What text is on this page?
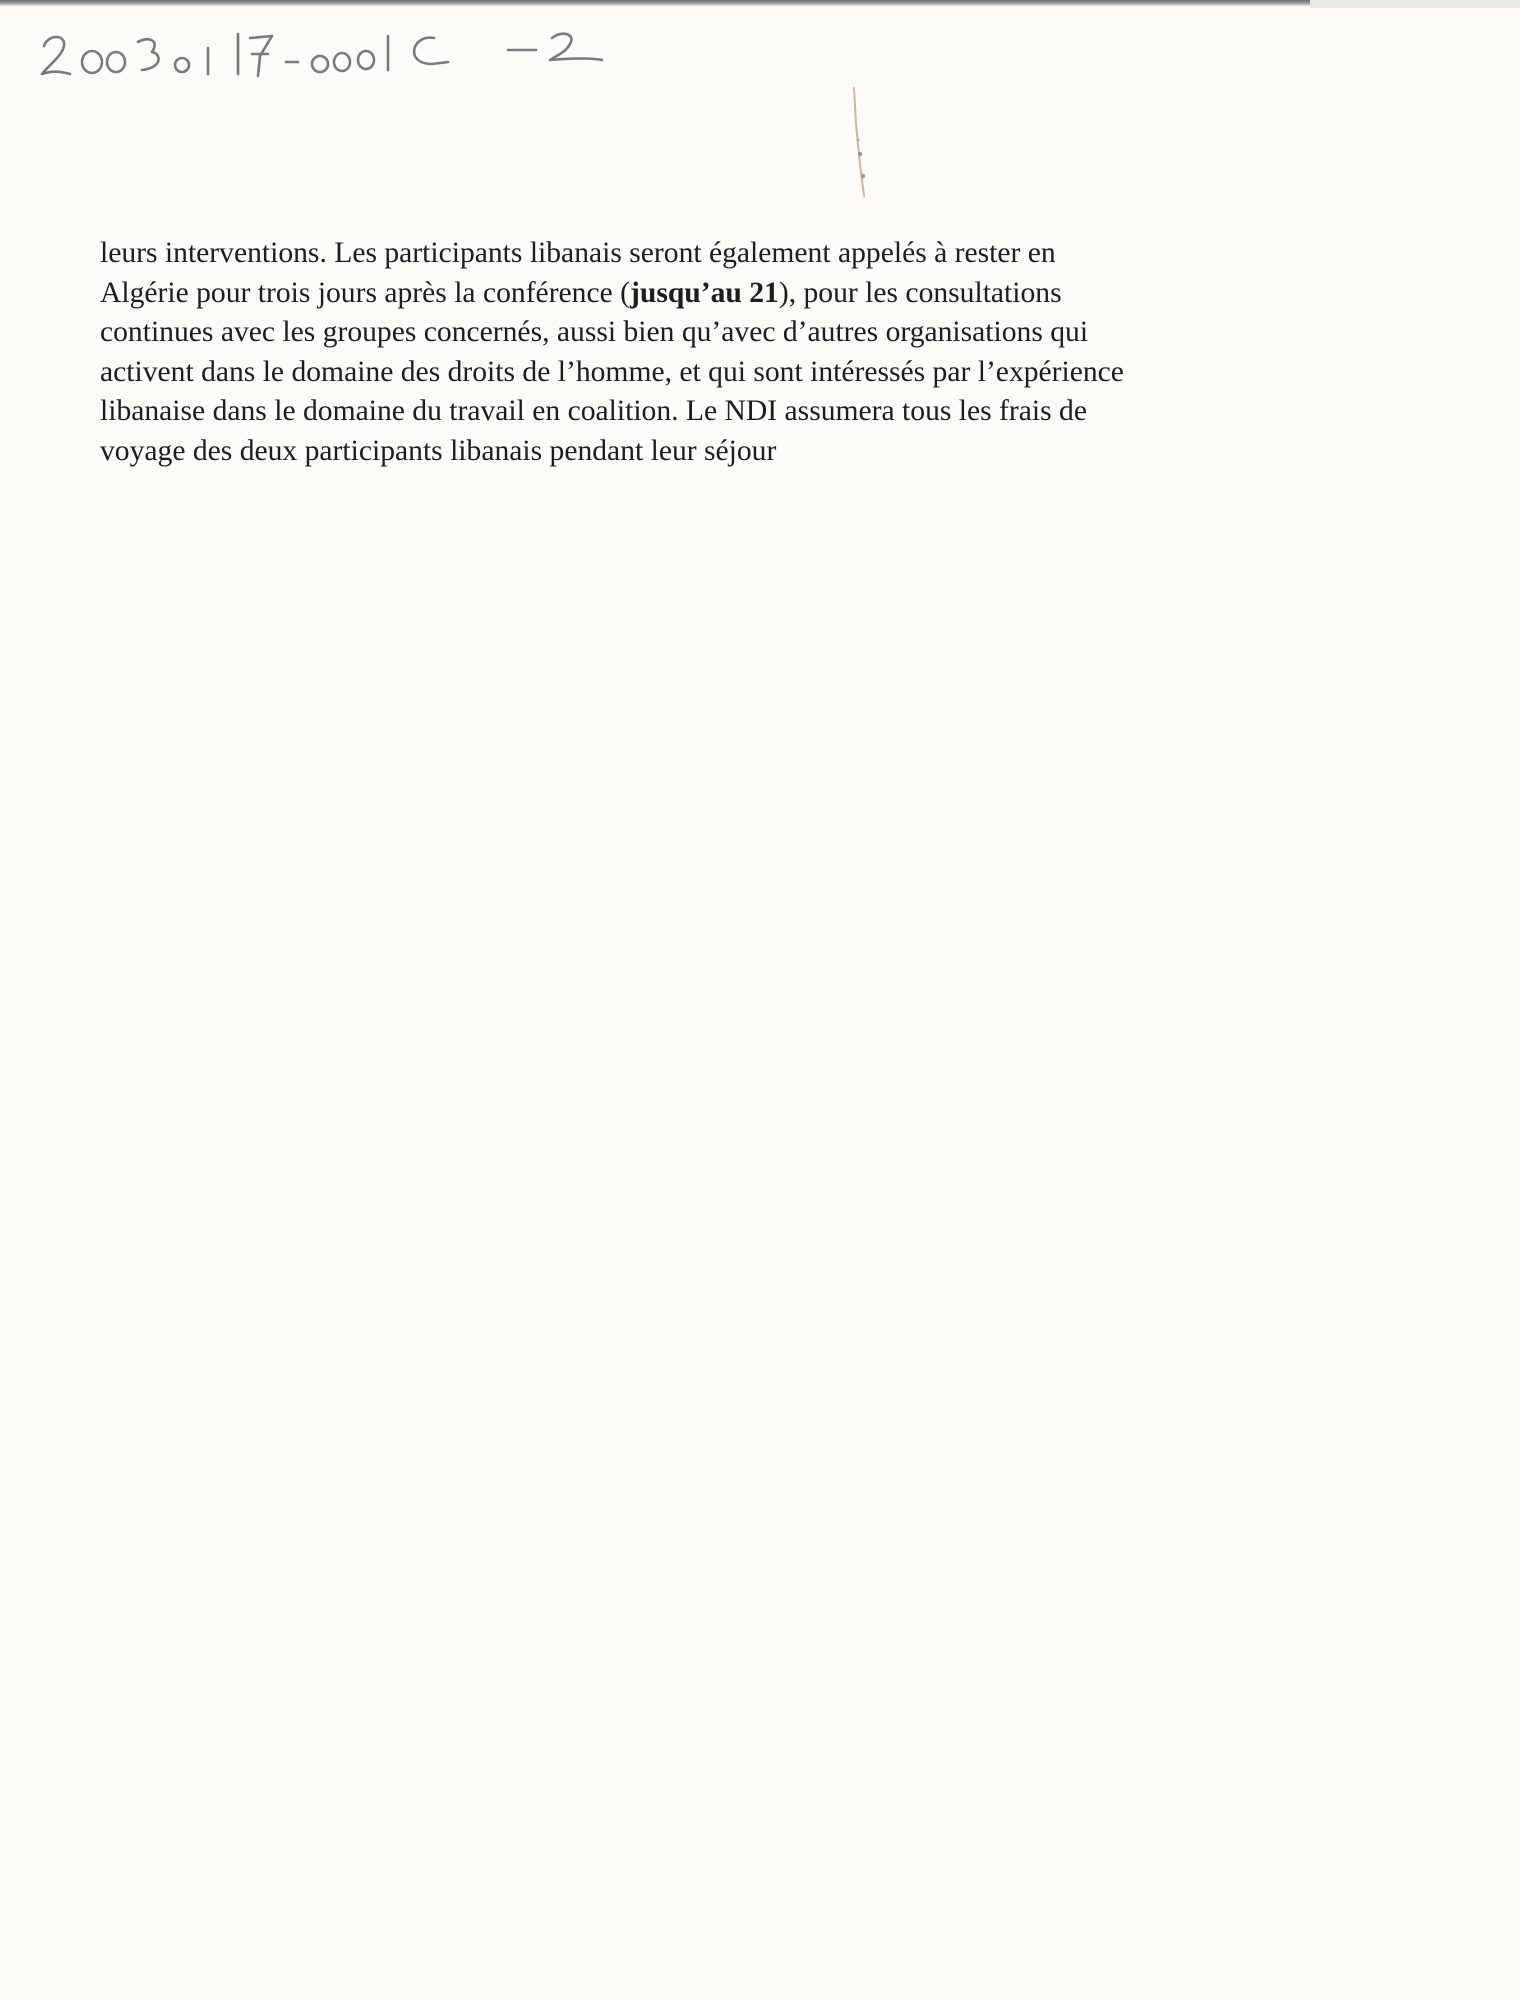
leurs interventions. Les participants libanais seront également appelés à rester en
Algérie pour trois jours après la conférence (jusqu’au 21), pour les consultations
continues avec les groupes concernés, aussi bien qu’avec d’autres organisations qui
activent dans le domaine des droits de l’homme, et qui sont intéressés par l’expérience
libanaise dans le domaine du travail en coalition. Le NDI assumera tous les frais de
voyage des deux participants libanais pendant leur séjour
